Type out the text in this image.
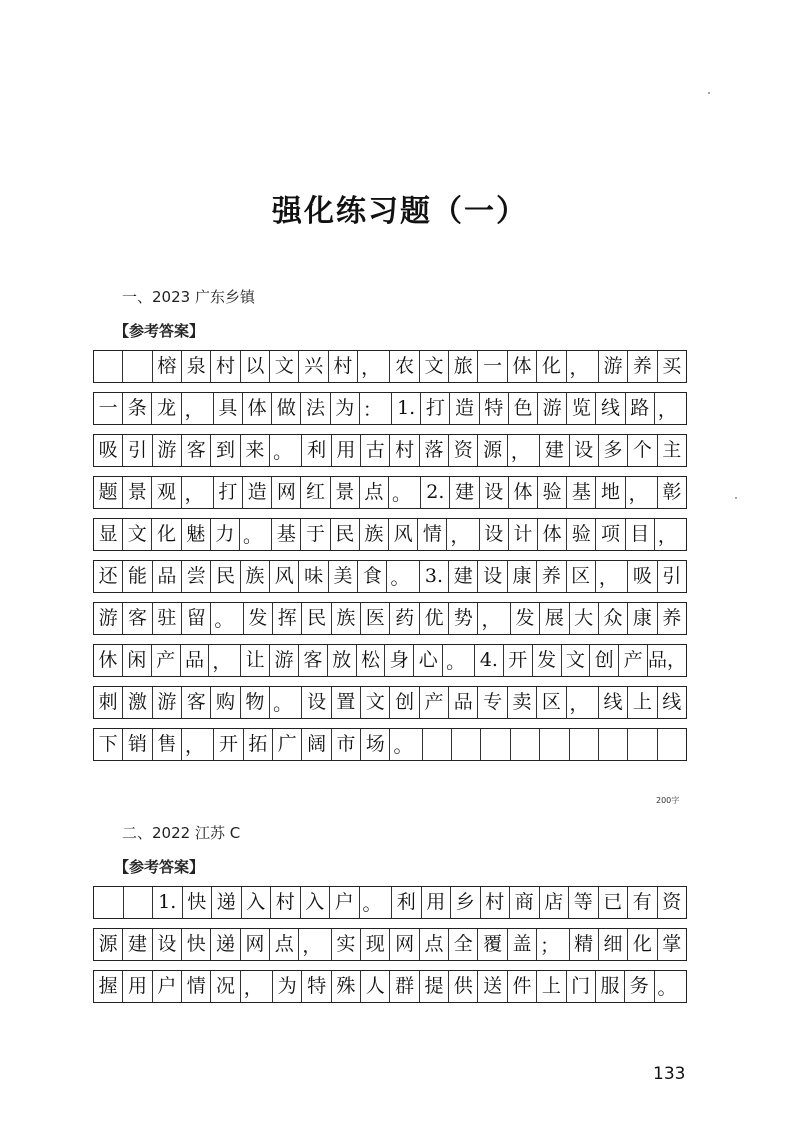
强化练习题（一）
一、2023 广东乡镇
【参考答案】
榕 泉 村 以 文 兴 村 ， 农 文 旅 一 体 化 ， 游 养 买
一 条 龙 ， 具 体 做 法 为 ： 1. 打 造 特 色 游 览 线 路 ，
吸 引 游 客 到 来 。 利 用 古 村 落 资 源 ， 建 设 多 个 主
题 景 观 ， 打 造 网 红 景 点 。 2. 建 设 体 验 基 地 ， 彰
显 文 化 魅 力 。 基 于 民 族 风 情 ， 设 计 体 验 项 目 ，
还 能 品 尝 民 族 风 味 美 食 。 3. 建 设 康 养 区 ， 吸 引
游 客 驻 留 。 发 挥 民 族 医 药 优 势 ， 发 展 大 众 康 养
休 闲 产 品 ， 让 游 客 放 松 身 心 。 4. 开 发 文 创 产 品，
刺 激 游 客 购 物 。 设 置 文 创 产 品 专 卖 区 ， 线 上 线
下 销 售 ， 开 拓 广 阔 市 场 。
200字
二、2022 江苏 C
【参考答案】
1. 快 递 入 村 入 户 。 利 用 乡 村 商 店 等 已 有 资
源 建 设 快 递 网 点 ， 实 现 网 点 全 覆 盖 ； 精 细 化 掌
握 用 户 情 况 ， 为 特 殊 人 群 提 供 送 件 上 门 服 务 。
133
